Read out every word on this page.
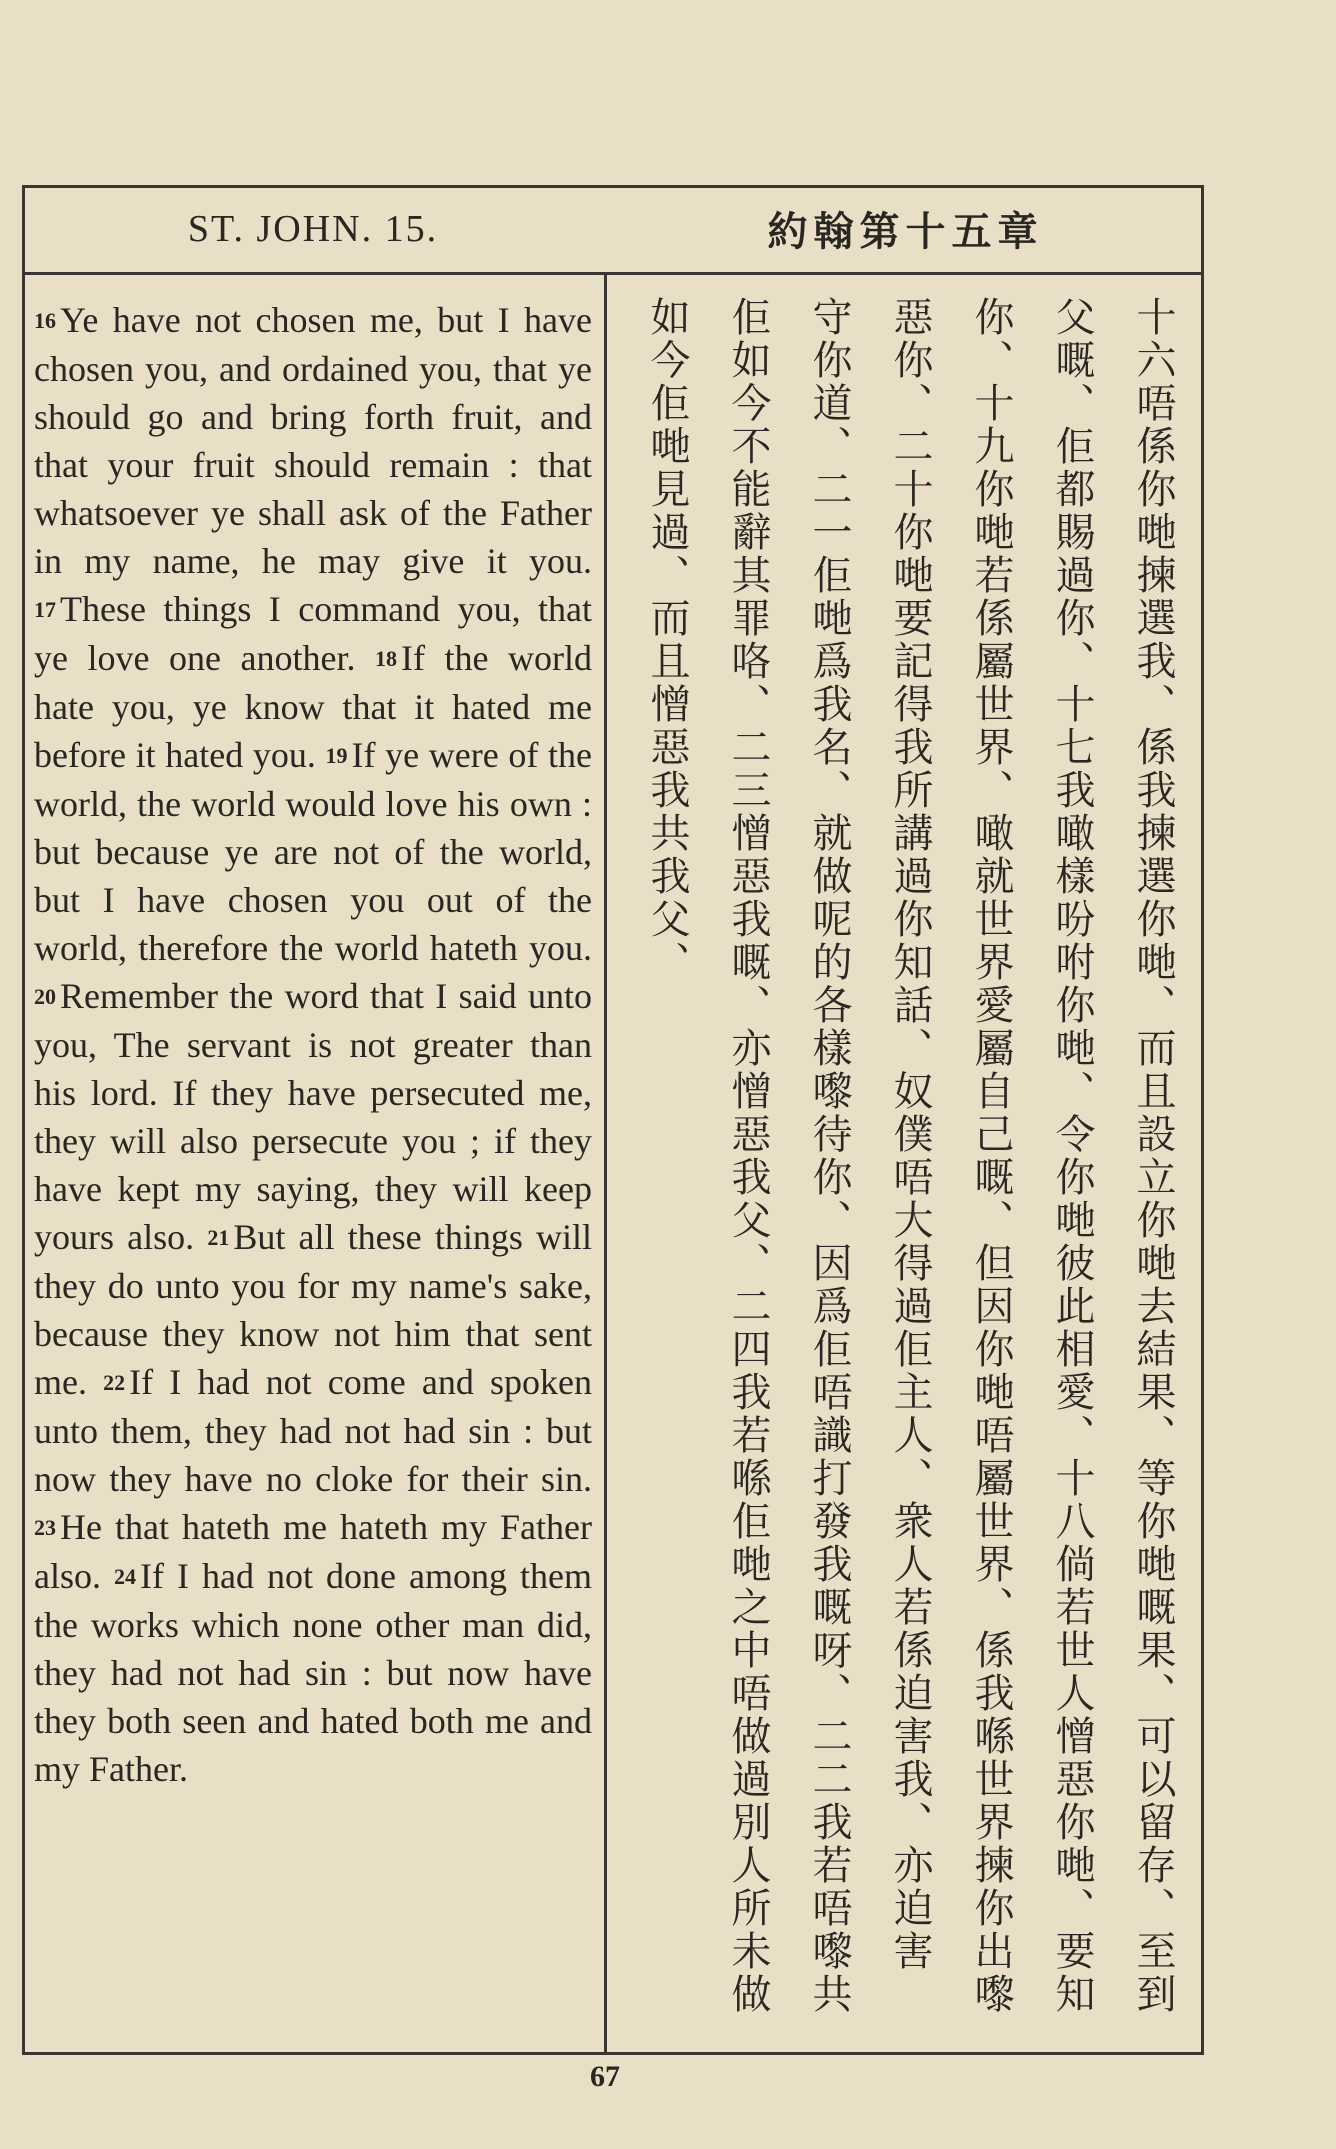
ST. JOHN. 15.	約翰第十五章
16 Ye have not chosen me, but I have chosen you, and ordained you, that ye should go and bring forth fruit, and that your fruit should remain : that whatsoever ye shall ask of the Father in my name, he may give it you. 17 These things I command you, that ye love one another. 18 If the world hate you, ye know that it hated me before it hated you. 19 If ye were of the world, the world would love his own : but because ye are not of the world, but I have chosen you out of the world, therefore the world hateth you. 20 Remember the word that I said unto you, The servant is not greater than his lord. If they have persecuted me, they will also persecute you ; if they have kept my saying, they will keep yours also. 21 But all these things will they do unto you for my name's sake, because they know not him that sent me. 22 If I had not come and spoken unto them, they had not had sin : but now they have no cloke for their sin. 23 He that hateth me hateth my Father also. 24 If I had not done among them the works which none other man did, they had not had sin : but now have they both seen and hated both me and my Father.
十六唔係你哋揀選我、係我揀選你哋、而且設立你哋去結果、等你哋嘅果、可以留存、至到
父嘅、佢都賜過你、十七我噉樣吩咐你哋、令你哋彼此相愛、十八倘若世人憎惡你哋、要知
你、十九你哋若係屬世界、噉就世界愛屬自己嘅、但因你哋唔屬世界、係我喺世界揀你出嚟
惡你、二十你哋要記得我所講過你知話、奴僕唔大得過佢主人、衆人若係迫害我、亦迫害
守你道、二一佢哋爲我名、就做呢的各樣嚟待你、因爲佢唔識打發我嘅呀、二二我若唔嚟共
佢如今不能辭其罪咯、二三憎惡我嘅、亦憎惡我父、二四我若喺佢哋之中唔做過別人所未做
如今佢哋見過、而且憎惡我共我父、
67
